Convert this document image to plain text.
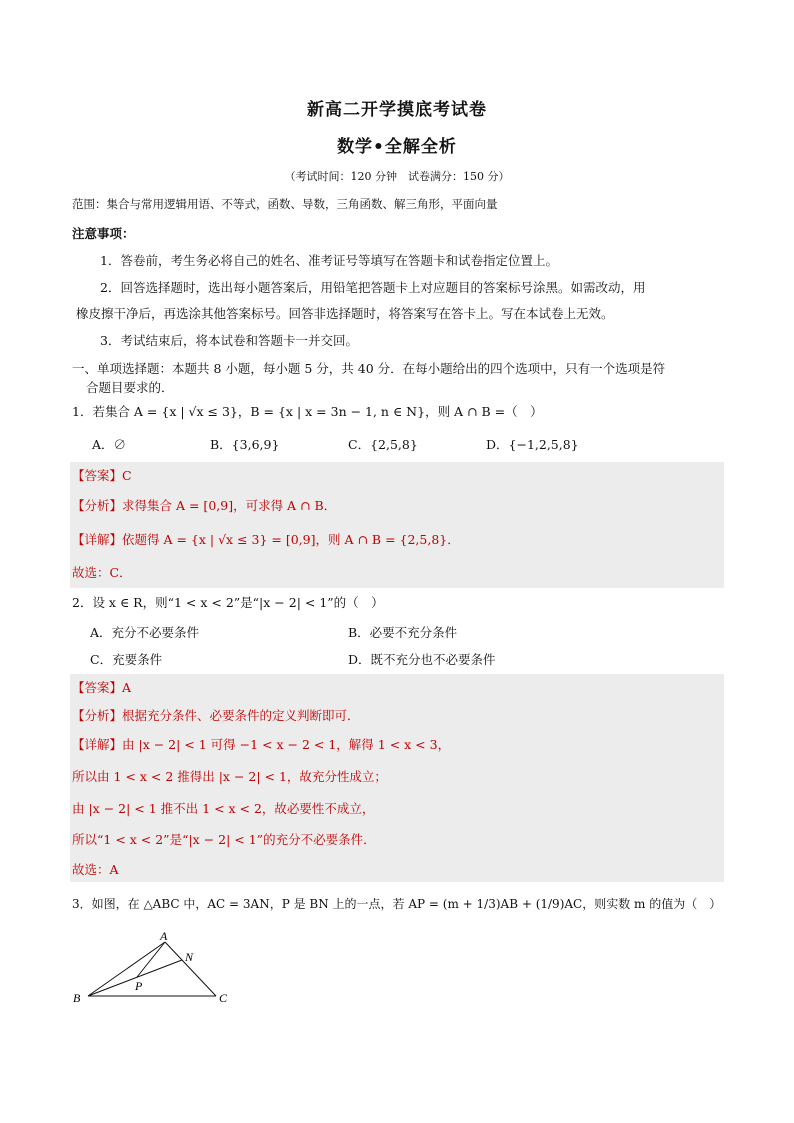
新高二开学摸底考试卷
数学•全解全析
（考试时间：120 分钟　试卷满分：150 分）
范围：集合与常用逻辑用语、不等式，函数、导数，三角函数、解三角形，平面向量
注意事项：
1．答卷前，考生务必将自己的姓名、准考证号等填写在答题卡和试卷指定位置上。
2．回答选择题时，选出每小题答案后，用铅笔把答题卡上对应题目的答案标号涂黑。如需改动，用
橡皮擦干净后，再选涂其他答案标号。回答非选择题时，将答案写在答卡上。写在本试卷上无效。
3．考试结束后，将本试卷和答题卡一并交回。
一、单项选择题：本题共 8 小题，每小题 5 分，共 40 分．在每小题给出的四个选项中，只有一个选项是符
合题目要求的．
1．若集合 A = {x | √x ≤ 3}，B = {x | x = 3n − 1, n ∈ N}，则 A ∩ B =（　）
A．∅	B．{3,6,9}	C．{2,5,8}	D．{−1,2,5,8}
【答案】C
【分析】求得集合 A = [0,9]，可求得 A ∩ B．
【详解】依题得 A = {x | √x ≤ 3} = [0,9]，则 A ∩ B = {2,5,8}．
故选：C．
2．设 x ∈ R，则“1 < x < 2”是“|x − 2| < 1”的（　）
A．充分不必要条件	B．必要不充分条件
C．充要条件	D．既不充分也不必要条件
【答案】A
【分析】根据充分条件、必要条件的定义判断即可．
【详解】由 |x − 2| < 1 可得 −1 < x − 2 < 1，解得 1 < x < 3，
所以由 1 < x < 2 推得出 |x − 2| < 1，故充分性成立；
由 |x − 2| < 1 推不出 1 < x < 2，故必要性不成立，
所以“1 < x < 2”是“|x − 2| < 1”的充分不必要条件．
故选：A
3．如图，在 △ABC 中，AC = 3AN，P 是 BN 上的一点，若 AP = (m + 1/3)AB + (1/9)AC，则实数 m 的值为（　）
A
B	C
N
P
